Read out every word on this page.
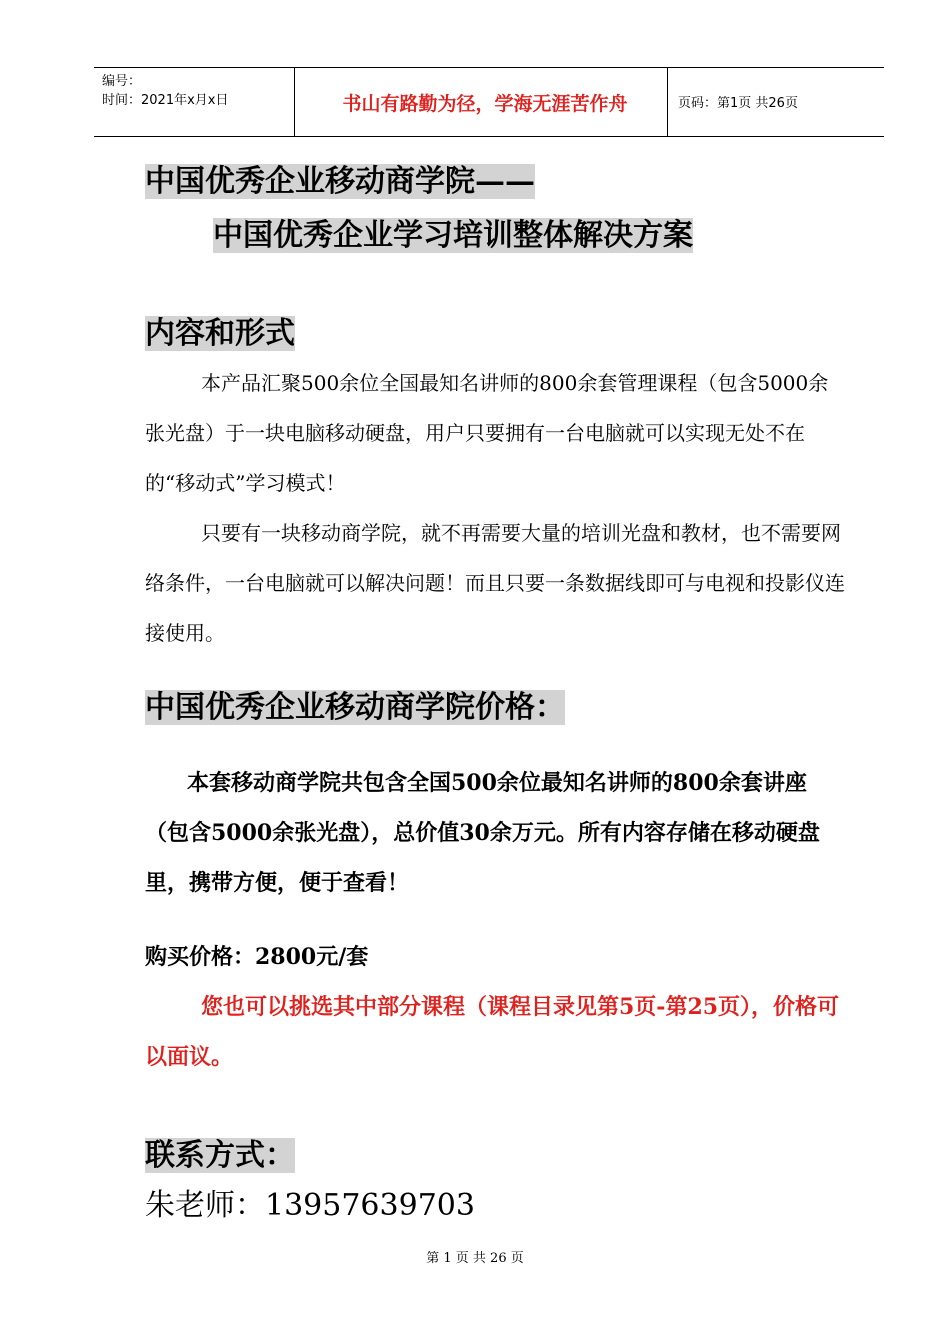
编号：
时间：2021年x月x日	书山有路勤为径，学海无涯苦作舟	页码：第1页 共26页
中国优秀企业移动商学院——
中国优秀企业学习培训整体解决方案
内容和形式
本产品汇聚500余位全国最知名讲师的800余套管理课程（包含5000余张光盘）于一块电脑移动硬盘，用户只要拥有一台电脑就可以实现无处不在的“移动式”学习模式！
只要有一块移动商学院，就不再需要大量的培训光盘和教材，也不需要网络条件，一台电脑就可以解决问题！而且只要一条数据线即可与电视和投影仪连接使用。
中国优秀企业移动商学院价格：
本套移动商学院共包含全国500余位最知名讲师的800余套讲座（包含5000余张光盘），总价值30余万元。所有内容存储在移动硬盘里，携带方便，便于查看！
购买价格：2800元/套
您也可以挑选其中部分课程（课程目录见第5页-第25页），价格可以面议。
联系方式：
朱老师：13957639703
第 1 页 共 26 页
